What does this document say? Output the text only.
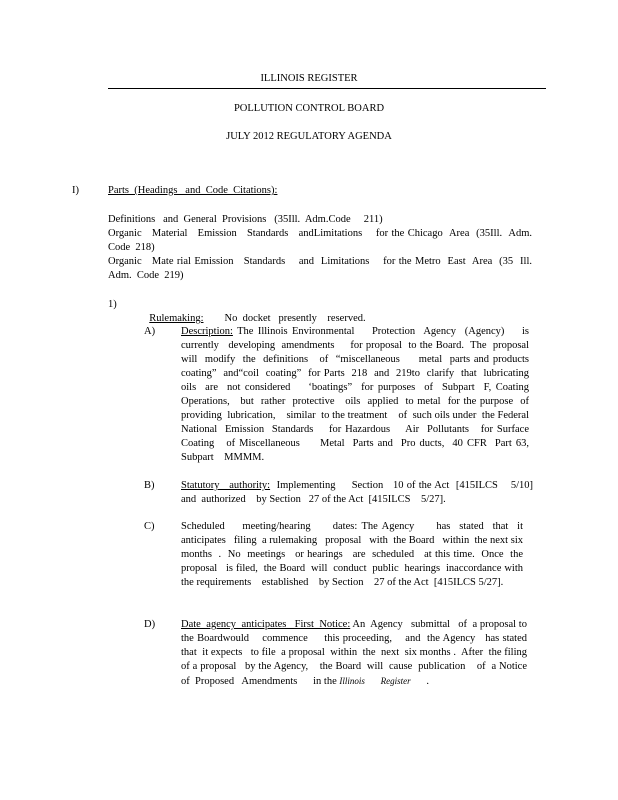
ILLINOIS REGISTER
POLLUTION CONTROL BOARD
JULY 2012 REGULATORY AGENDA
I)	Parts  (Headings   and  Code  Citations):
Definitions   and  General  Provisions   (35Ill.  Adm.Code     211)
Organic   Material   Emission   Standards   andLimitations    for the Chicago  Area  (35Ill.  Adm. Code  218)
Organic   Mate rial Emission   Standards    and  Limitations    for the Metro  East  Area  (35  Ill. Adm.  Code  219)
1)

Rulemaking: No  docket   presently    reserved.

A) Description: The Illinois Environmental    Protection  Agency  (Agency)    is currently   developing  amendments     for proposal  to the Board.  The  proposal will  modify  the  definitions   of  “miscellaneous     metal  parts and products coating”  and“coil  coating”  for Parts  218  and  219to  clarify  that  lubricating oils  are  not considered    ‘boatings”  for purposes  of  Subpart  F, Coating Operations,   but  rather  protective   oils  applied  to metal  for the purpose  of providing  lubrication,    similar  to the treatment    of  such oils under  the Federal  National  Emission  Standards    for Hazardous    Air  Pollutants   for Surface  Coating   of Miscellaneous     Metal  Parts and  Pro ducts,  40 CFR  Part 63,  Subpart    MMMM.
B)	Statutory   authority:  Implementing     Section   10 of the Act  [415ILCS    5/10] and  authorized    by Section   27 of the Act  [415ILCS    5/27].
C)	Scheduled    meeting/hearing     dates: The Agency     has  stated  that  it anticipates   filing  a rulemaking   proposal   with  the Board   within  the next six months  .  No  meetings   or hearings   are  scheduled   at this time.  Once  the proposal   is filed,  the Board  will  conduct  public  hearings  inaccordance with  the requirements    established    by Section    27 of the Act  [415ILCS 5/27].
D) Date  agency  anticipates   First  Notice: An  Agency   submittal   of  a proposal to the Boardwould    commence     this proceeding,    and  the Agency   has stated that  it expects   to file  a proposal  within  the  next  six months .  After  the filing  of a proposal   by the Agency,    the Board  will  cause  publication    of  a Notice   of  Proposed   Amendments      in the Illinois       Register      .
